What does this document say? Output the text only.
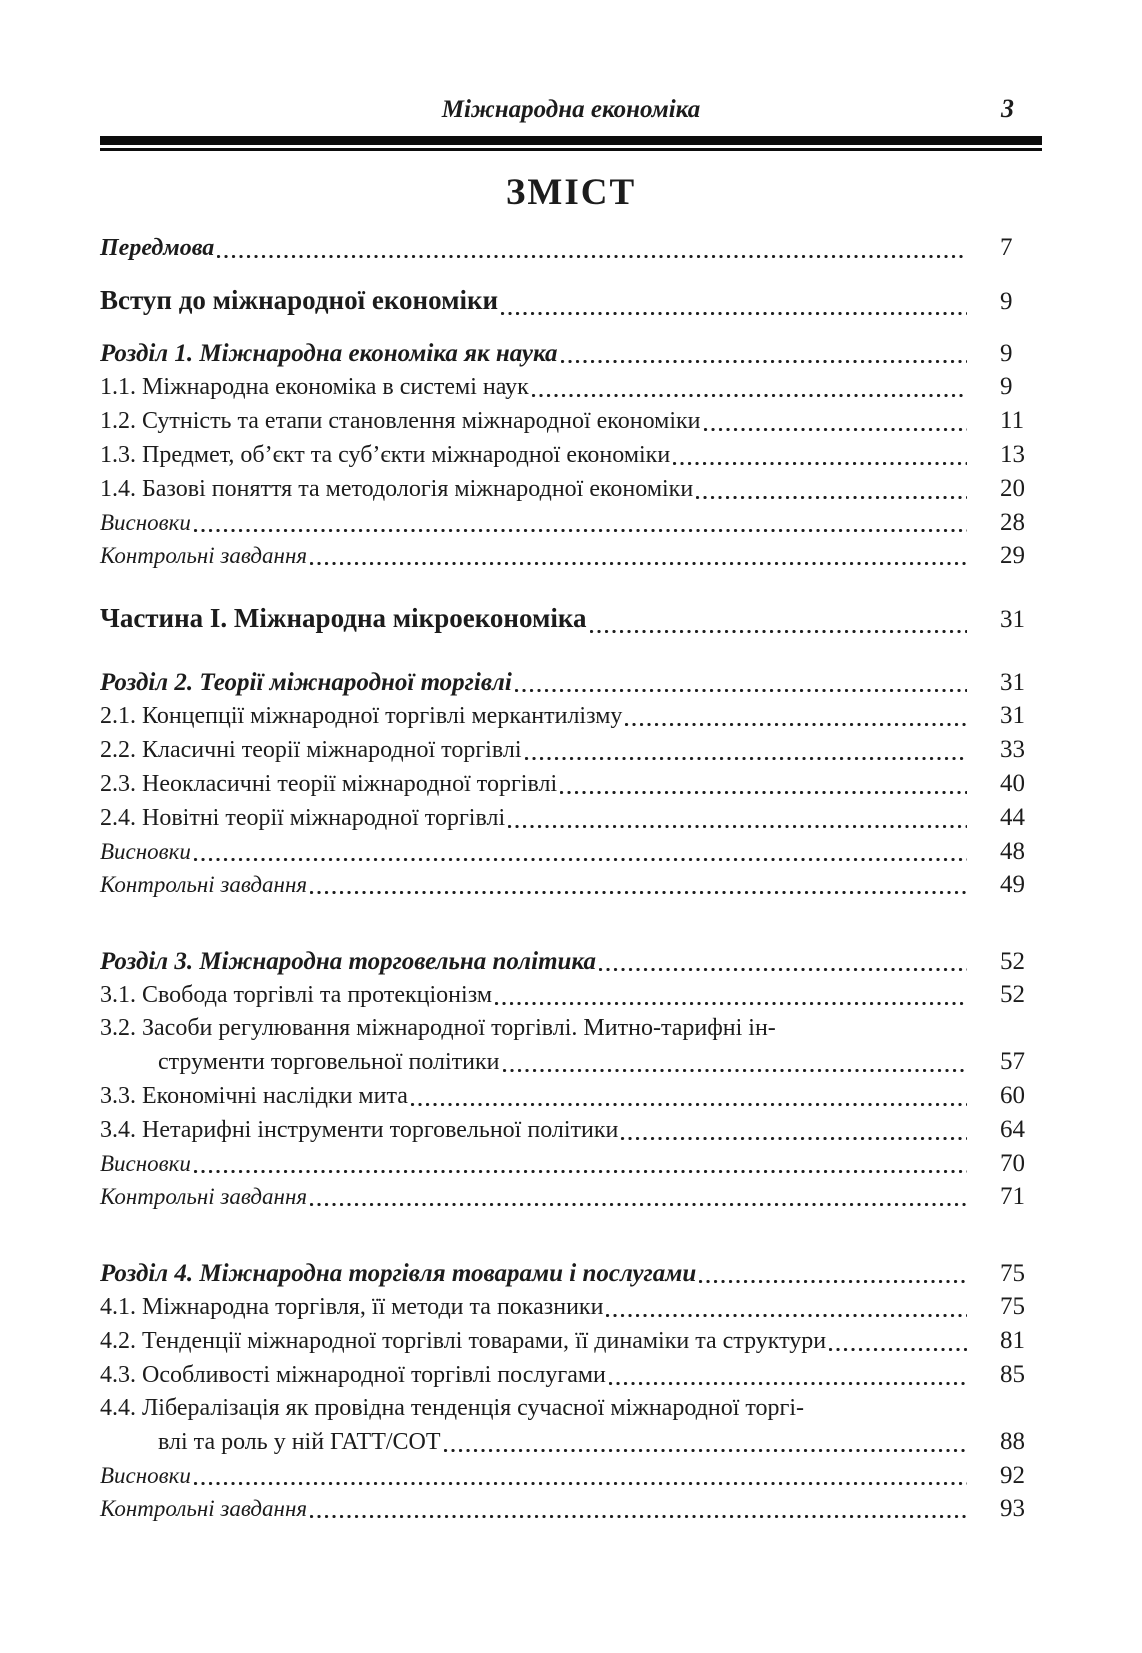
Міжнародна економіка	3
ЗМІСТ
Передмова	7
Вступ до міжнародної економіки	9
Розділ 1. Міжнародна економіка як наука	9
1.1. Міжнародна економіка в системі наук	9
1.2. Сутність та етапи становлення міжнародної економіки	11
1.3. Предмет, об’єкт та суб’єкти міжнародної економіки	13
1.4. Базові поняття та методологія міжнародної економіки	20
Висновки	28
Контрольні завдання	29
Частина І. Міжнародна мікроекономіка	31
Розділ 2. Теорії міжнародної торгівлі	31
2.1. Концепції міжнародної торгівлі меркантилізму	31
2.2. Класичні теорії міжнародної торгівлі	33
2.3. Неокласичні теорії міжнародної торгівлі	40
2.4. Новітні теорії міжнародної торгівлі	44
Висновки	48
Контрольні завдання	49
Розділ 3. Міжнародна торговельна політика	52
3.1. Свобода торгівлі та протекціонізм	52
3.2. Засоби регулювання міжнародної торгівлі. Митно-тарифні ін-
струменти торговельної політики	57
3.3. Економічні наслідки мита	60
3.4. Нетарифні інструменти торговельної політики	64
Висновки	70
Контрольні завдання	71
Розділ 4. Міжнародна торгівля товарами і послугами	75
4.1. Міжнародна торгівля, її методи та показники	75
4.2. Тенденції міжнародної торгівлі товарами, її динаміки та структури	81
4.3. Особливості міжнародної торгівлі послугами	85
4.4. Лібералізація як провідна тенденція сучасної міжнародної торгі-
влі та роль у ній ГАТТ/СОТ	88
Висновки	92
Контрольні завдання	93
